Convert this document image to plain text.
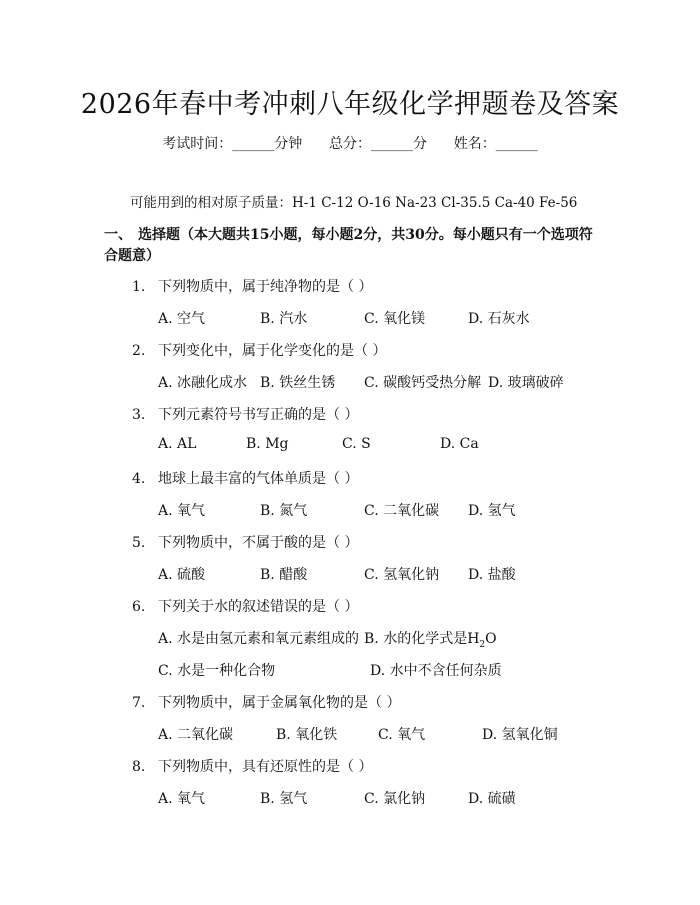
2026年春中考冲刺八年级化学押题卷及答案
考试时间：______分钟 总分：______分 姓名：______
可能用到的相对原子质量：H-1 C-12 O-16 Na-23 Cl-35.5 Ca-40 Fe-56
一、 选择题（本大题共15小题，每小题2分，共30分。每小题只有一个选项符合题意）
1. 下列物质中，属于纯净物的是（ ）
A. 空气	B. 汽水	C. 氧化镁	D. 石灰水
2. 下列变化中，属于化学变化的是（ ）
A. 冰融化成水 B. 铁丝生锈 C. 碳酸钙受热分解 D. 玻璃破碎
3. 下列元素符号书写正确的是（ ）
A. AL	B. Mg	C. S	D. Ca
4. 地球上最丰富的气体单质是（ ）
A. 氧气	B. 氮气	C. 二氧化碳 D. 氢气
5. 下列物质中，不属于酸的是（ ）
A. 硫酸	B. 醋酸	C. 氢氧化钠 D. 盐酸
6. 下列关于水的叙述错误的是（ ）
A. 水是由氢元素和氧元素组成的 B. 水的化学式是$H_2O$
C. 水是一种化合物	D. 水中不含任何杂质
7. 下列物质中，属于金属氧化物的是（ ）
A. 二氧化碳	B. 氧化铁	C. 氧气	D. 氢氧化铜
8. 下列物质中，具有还原性的是（ ）
A. 氧气	B. 氢气	C. 氯化钠	D. 硫磺
